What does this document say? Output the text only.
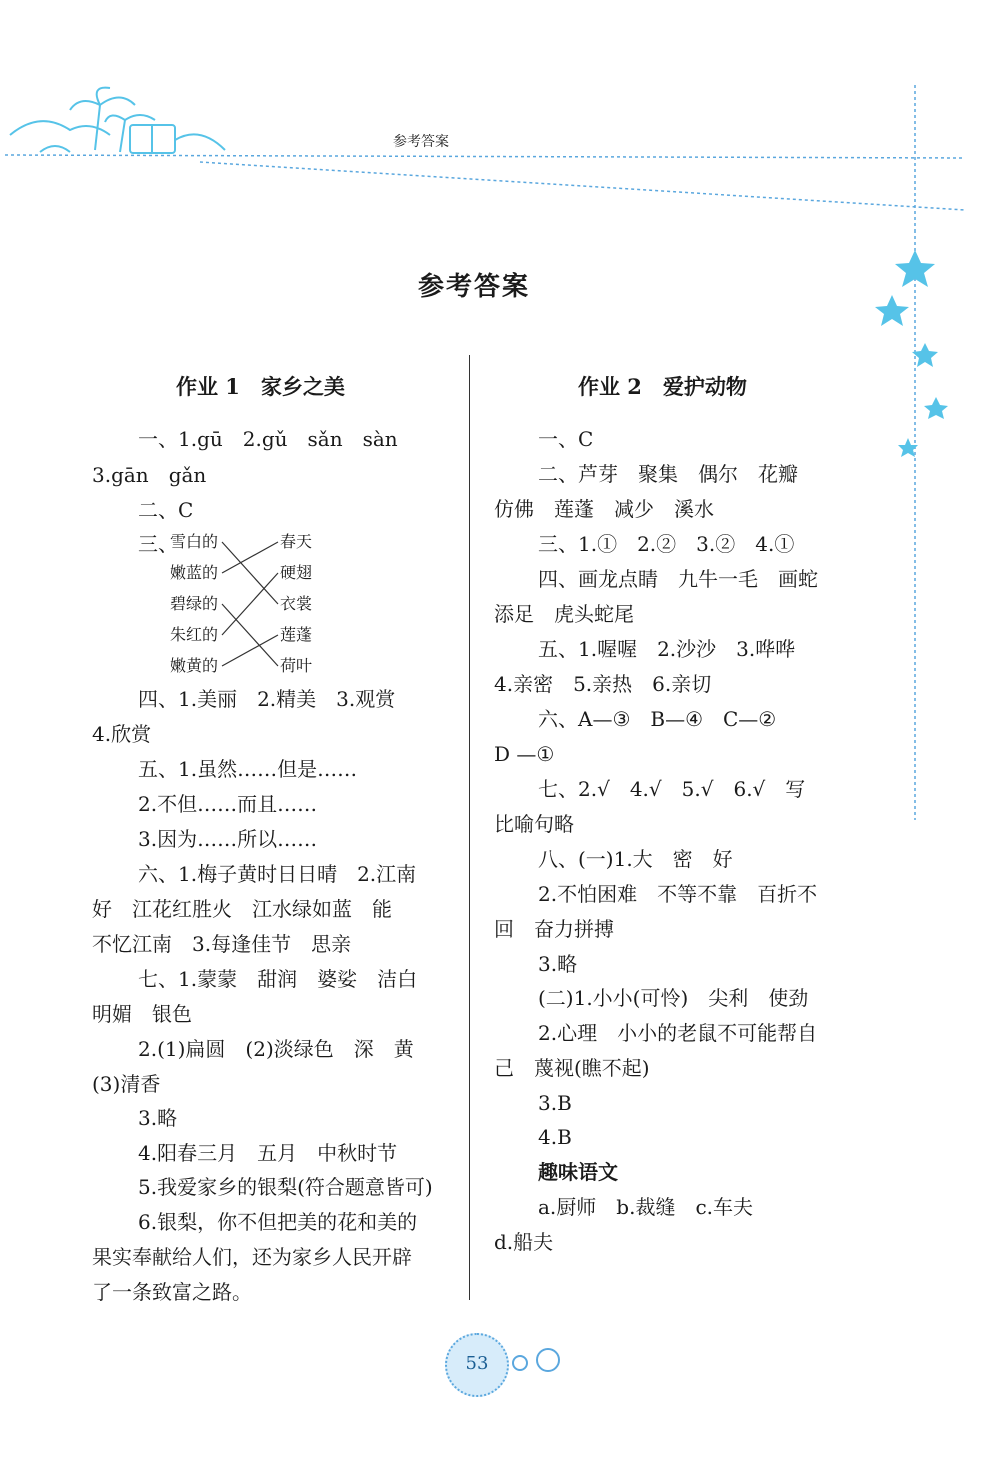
参考答案
参考答案
作业 1　家乡之美
一、1.gū　2.gǔ　sǎn　sàn
3.gān　gǎn
二、C
三、
雪白的
嫩蓝的
碧绿的
朱红的
嫩黄的
春天
硬翅
衣裳
莲蓬
荷叶
四、1.美丽　2.精美　3.观赏
4.欣赏
五、1.虽然……但是……
2.不但……而且……
3.因为……所以……
六、1.梅子黄时日日晴　2.江南
好　江花红胜火　江水绿如蓝　能
不忆江南　3.每逢佳节　思亲
七、1.蒙蒙　甜润　婆娑　洁白
明媚　银色
2.(1)扁圆　(2)淡绿色　深　黄
(3)清香
3.略
4.阳春三月　五月　中秋时节
5.我爱家乡的银梨(符合题意皆可)
6.银梨，你不但把美的花和美的
果实奉献给人们，还为家乡人民开辟
了一条致富之路。
作业 2　爱护动物
一、C
二、芦芽　聚集　偶尔　花瓣
仿佛　莲蓬　减少　溪水
三、1.①　2.②　3.②　4.①
四、画龙点睛　九牛一毛　画蛇
添足　虎头蛇尾
五、1.喔喔　2.沙沙　3.哗哗
4.亲密　5.亲热　6.亲切
六、A—③　B—④　C—②
D —①
七、2.√　4.√　5.√　6.√　写
比喻句略
八、(一)1.大　密　好
2.不怕困难　不等不靠　百折不
回　奋力拼搏
3.略
(二)1.小小(可怜)　尖利　使劲
2.心理　小小的老鼠不可能帮自
己　蔑视(瞧不起)
3.B
4.B
趣味语文
a.厨师　b.裁缝　c.车夫
d.船夫
53
